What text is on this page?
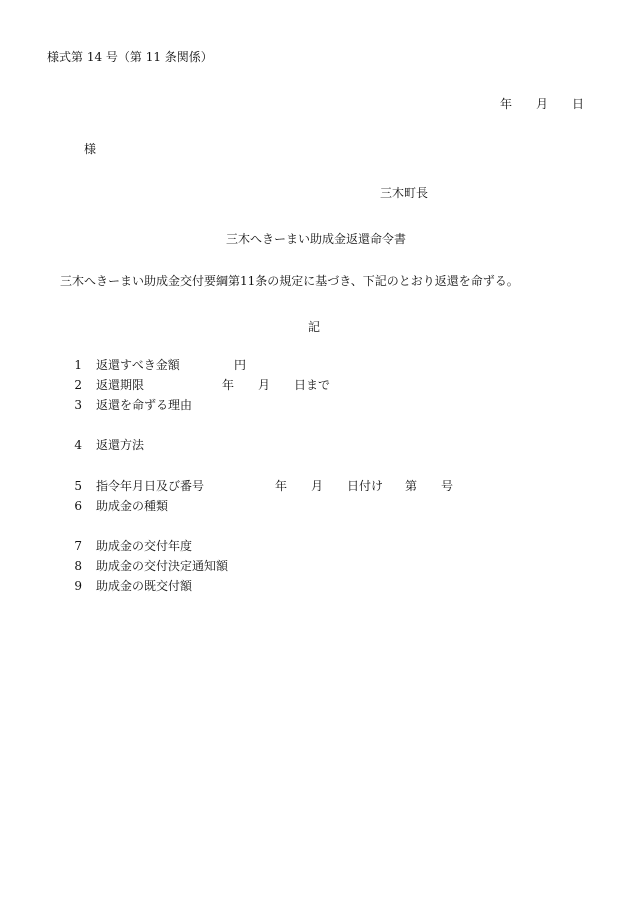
様式第 14 号（第 11 条関係）
年 月 日
様
三木町長
三木へきーまい助成金返還命令書
三木へきーまい助成金交付要綱第11条の規定に基づき、下記のとおり返還を命ずる。
記
1 返還すべき金額	円
2 返還期限	年 月 日まで
3 返還を命ずる理由
4 返還方法
5 指令年月日及び番号	年 月 日付け 第 号
6 助成金の種類
7 助成金の交付年度
8 助成金の交付決定通知額
9 助成金の既交付額
